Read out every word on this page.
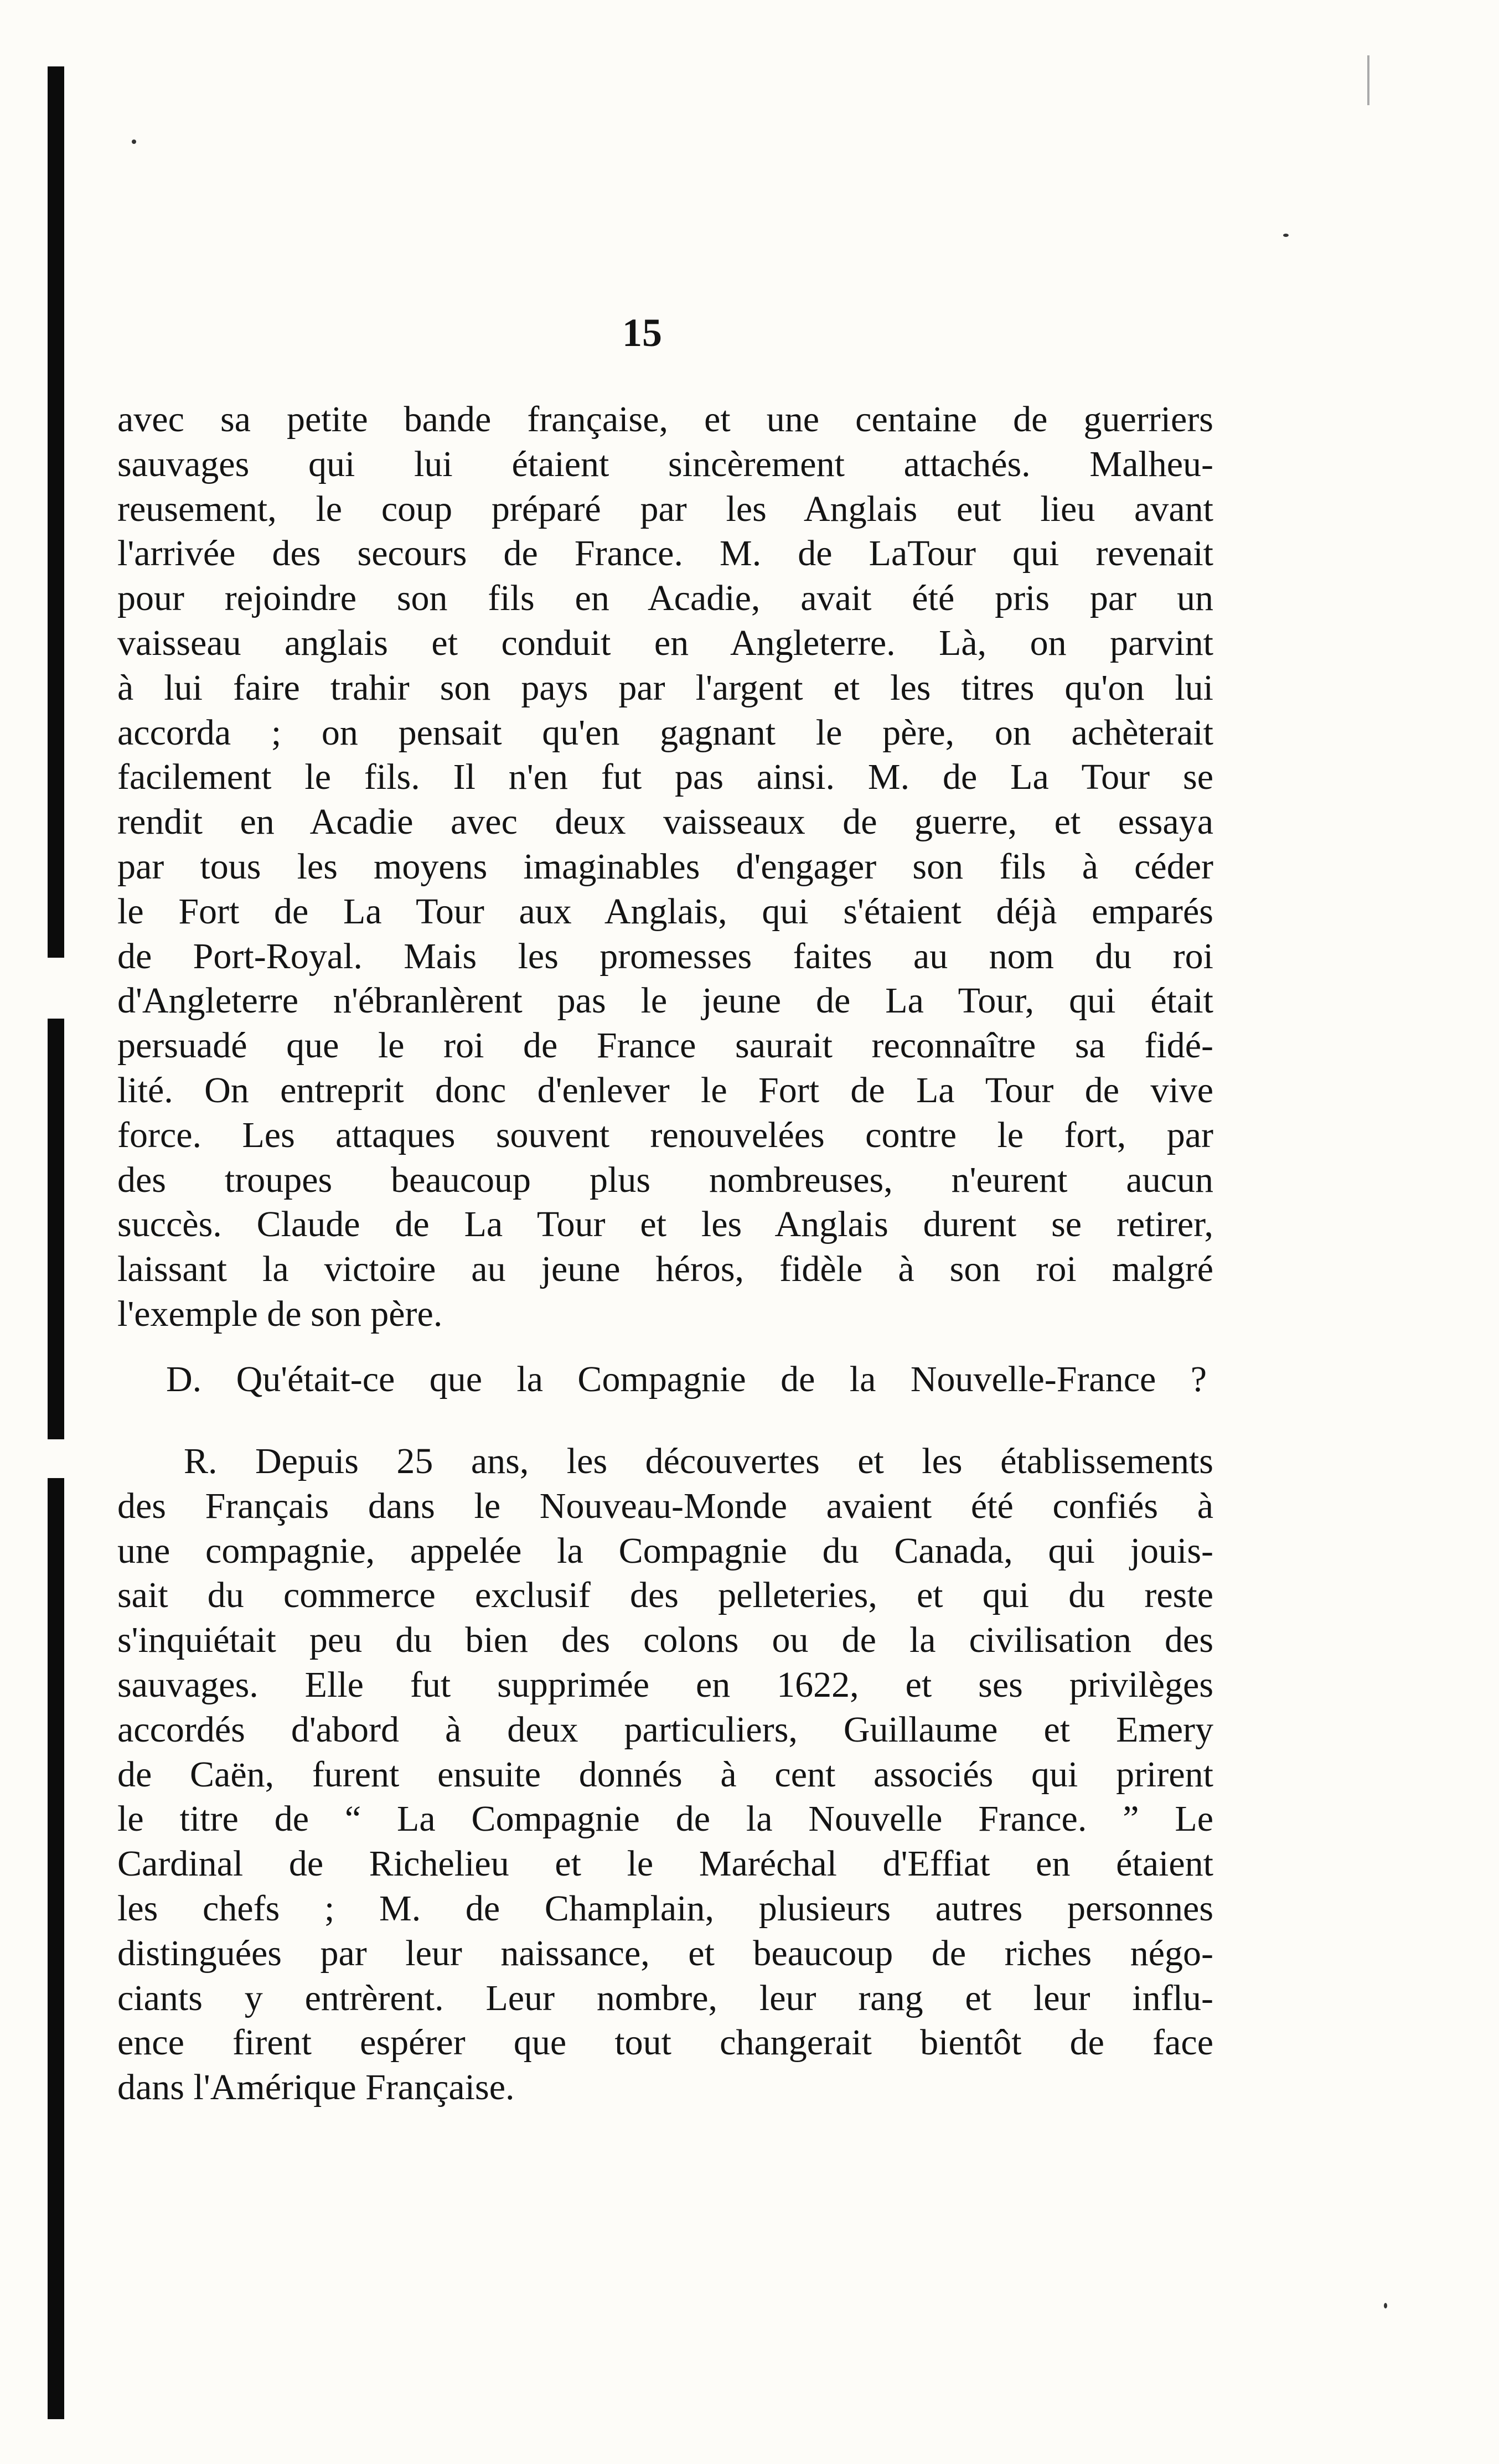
15
avec sa petite bande française, et une centaine de guerriers
sauvages qui lui étaient sincèrement attachés. Malheu-
reusement, le coup préparé par les Anglais eut lieu avant
l'arrivée des secours de France. M. de LaTour qui revenait
pour rejoindre son fils en Acadie, avait été pris par un
vaisseau anglais et conduit en Angleterre. Là, on parvint
à lui faire trahir son pays par l'argent et les titres qu'on lui
accorda ; on pensait qu'en gagnant le père, on achèterait
facilement le fils. Il n'en fut pas ainsi. M. de La Tour se
rendit en Acadie avec deux vaisseaux de guerre, et essaya
par tous les moyens imaginables d'engager son fils à céder
le Fort de La Tour aux Anglais, qui s'étaient déjà emparés
de Port-Royal. Mais les promesses faites au nom du roi
d'Angleterre n'ébranlèrent pas le jeune de La Tour, qui était
persuadé que le roi de France saurait reconnaître sa fidé-
lité. On entreprit donc d'enlever le Fort de La Tour de vive
force. Les attaques souvent renouvelées contre le fort, par
des troupes beaucoup plus nombreuses, n'eurent aucun
succès. Claude de La Tour et les Anglais durent se retirer,
laissant la victoire au jeune héros, fidèle à son roi malgré
l'exemple de son père.
D. Qu'était-ce que la Compagnie de la Nouvelle-France ?
R. Depuis 25 ans, les découvertes et les établissements
des Français dans le Nouveau-Monde avaient été confiés à
une compagnie, appelée la Compagnie du Canada, qui jouis-
sait du commerce exclusif des pelleteries, et qui du reste
s'inquiétait peu du bien des colons ou de la civilisation des
sauvages. Elle fut supprimée en 1622, et ses privilèges
accordés d'abord à deux particuliers, Guillaume et Emery
de Caën, furent ensuite donnés à cent associés qui prirent
le titre de “ La Compagnie de la Nouvelle France. ” Le
Cardinal de Richelieu et le Maréchal d'Effiat en étaient
les chefs ; M. de Champlain, plusieurs autres personnes
distinguées par leur naissance, et beaucoup de riches négo-
ciants y entrèrent. Leur nombre, leur rang et leur influ-
ence firent espérer que tout changerait bientôt de face
dans l'Amérique Française.
